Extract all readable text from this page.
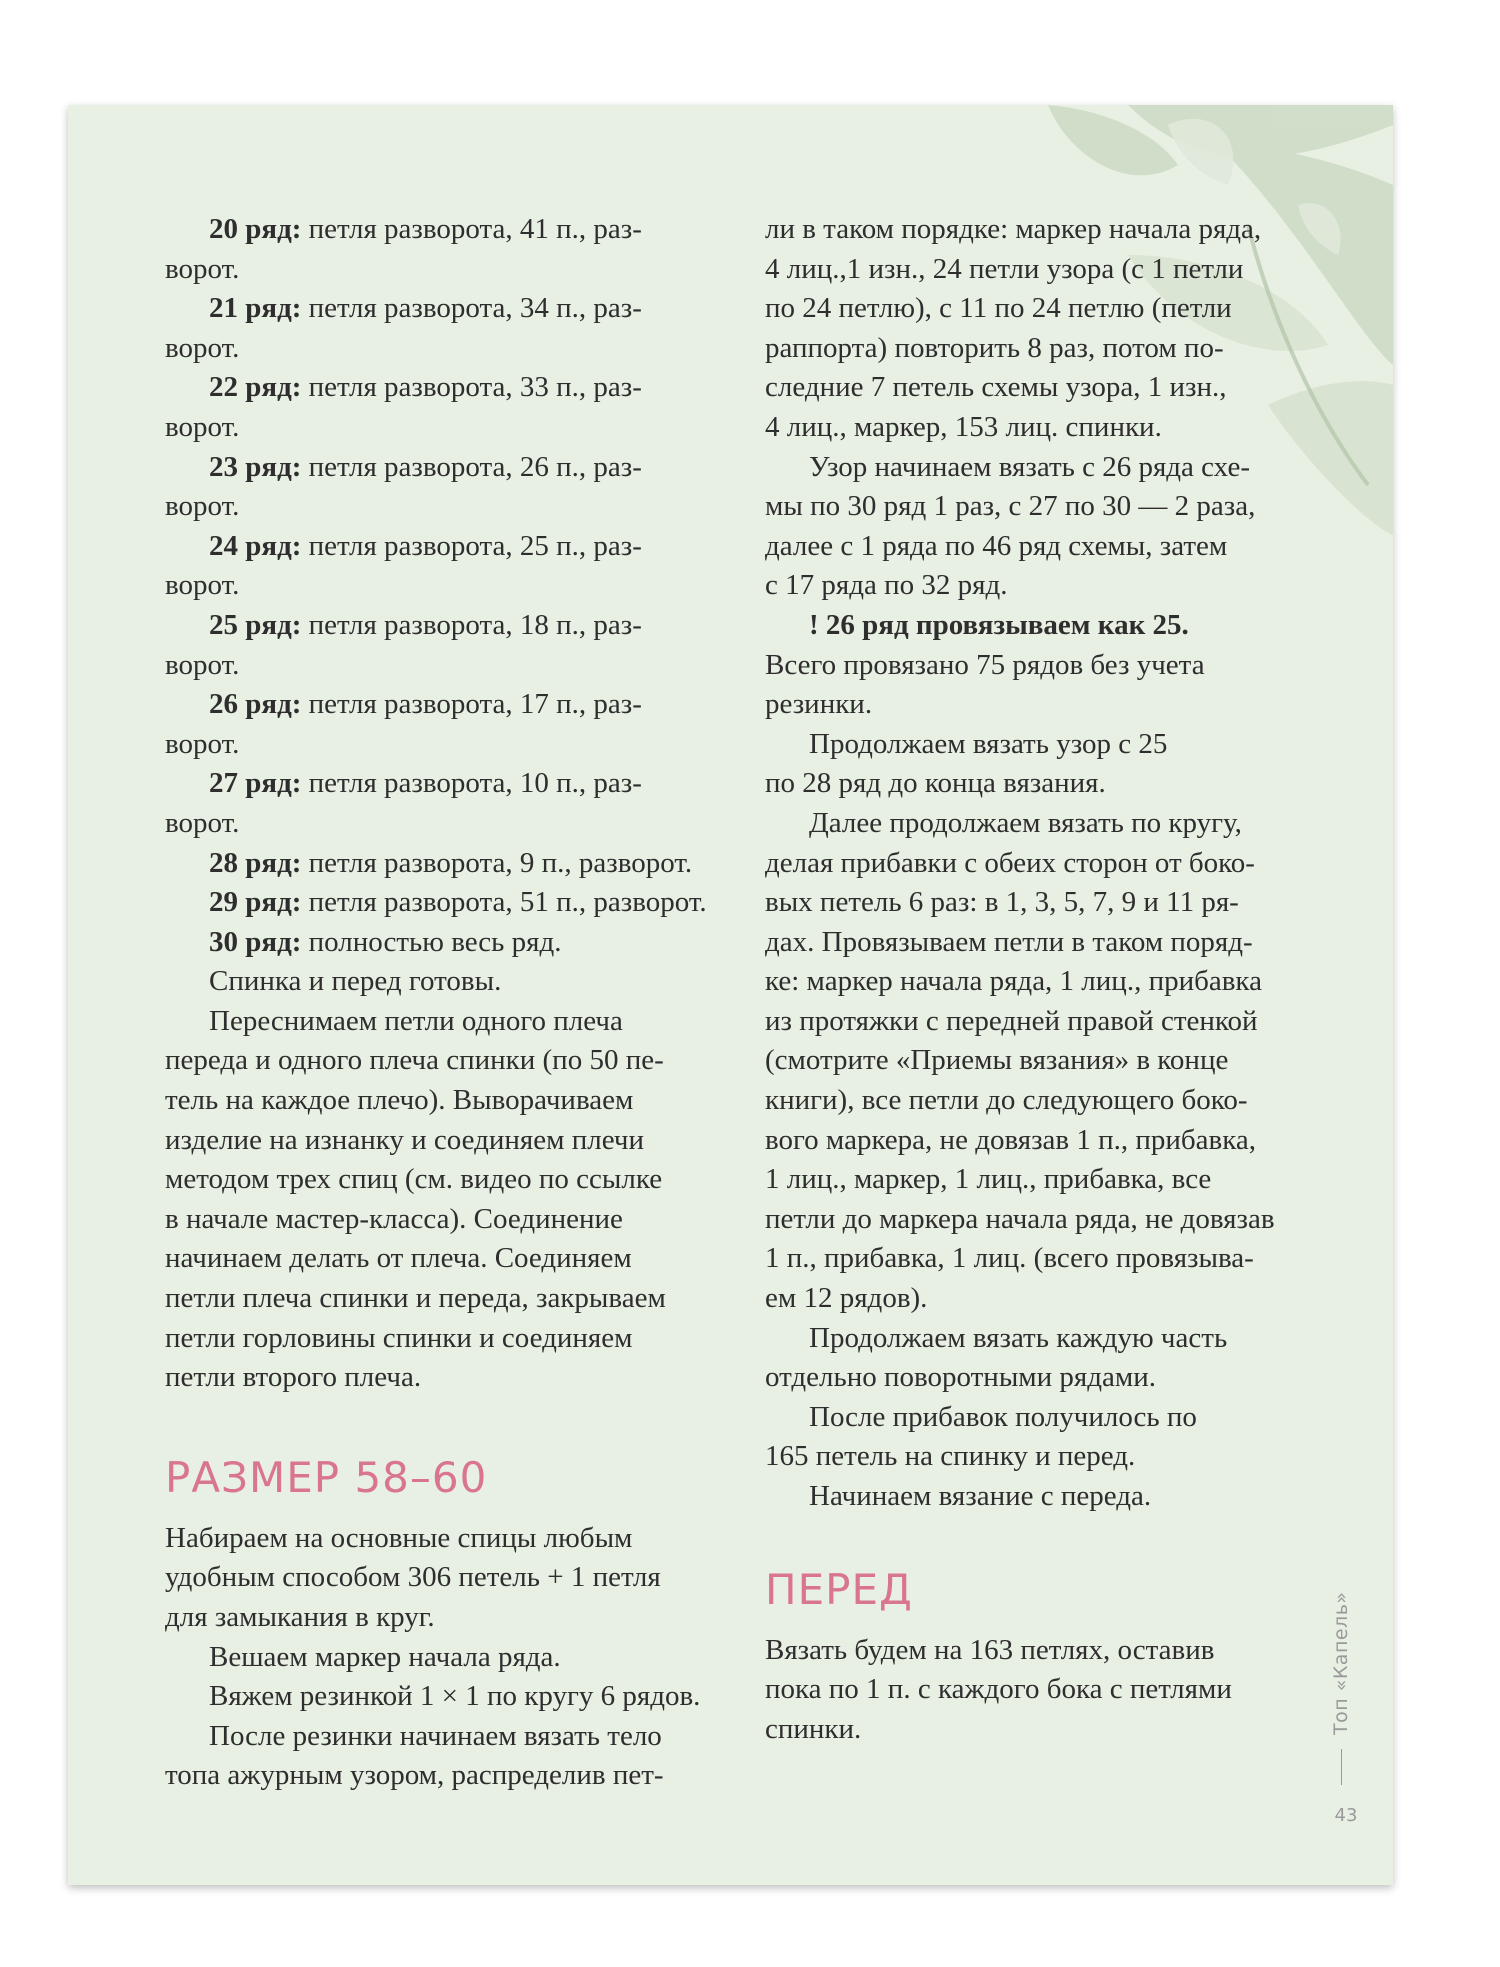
20 ряд: петля разворота, 41 п., раз-

ворот.

21 ряд: петля разворота, 34 п., раз-

ворот.

22 ряд: петля разворота, 33 п., раз-

ворот.

23 ряд: петля разворота, 26 п., раз-

ворот.

24 ряд: петля разворота, 25 п., раз-

ворот.

25 ряд: петля разворота, 18 п., раз-

ворот.

26 ряд: петля разворота, 17 п., раз-

ворот.

27 ряд: петля разворота, 10 п., раз-

ворот.

28 ряд: петля разворота, 9 п., разворот.

29 ряд: петля разворота, 51 п., разворот.

30 ряд: полностью весь ряд.

Спинка и перед готовы.

Переснимаем петли одного плеча

переда и одного плеча спинки (по 50 пе-

тель на каждое плечо). Выворачиваем

изделие на изнанку и соединяем плечи

методом трех спиц (см. видео по ссылке

в начале мастер-класса). Соединение

начинаем делать от плеча. Соединяем

петли плеча спинки и переда, закрываем

петли горловины спинки и соединяем

петли второго плеча.

РАЗМЕР 58–60

Набираем на основные спицы любым

удобным способом 306 петель + 1 петля

для замыкания в круг.

Вешаем маркер начала ряда.

Вяжем резинкой 1 × 1 по кругу 6 рядов.

После резинки начинаем вязать тело

топа ажурным узором, распределив пет-

ли в таком порядке: маркер начала ряда,

4 лиц.,1 изн., 24 петли узора (с 1 петли

по 24 петлю), с 11 по 24 петлю (петли

раппорта) повторить 8 раз, потом по-

следние 7 петель схемы узора, 1 изн.,

4 лиц., маркер, 153 лиц. спинки.

Узор начинаем вязать с 26 ряда схе-

мы по 30 ряд 1 раз, с 27 по 30 — 2 раза,

далее с 1 ряда по 46 ряд схемы, затем

с 17 ряда по 32 ряд.

! 26 ряд провязываем как 25.

Всего провязано 75 рядов без учета

резинки.

Продолжаем вязать узор с 25

по 28 ряд до конца вязания.

Далее продолжаем вязать по кругу,

делая прибавки с обеих сторон от боко-

вых петель 6 раз: в 1, 3, 5, 7, 9 и 11 ря-

дах. Провязываем петли в таком поряд-

ке: маркер начала ряда, 1 лиц., прибавка

из протяжки с передней правой стенкой

(смотрите «Приемы вязания» в конце

книги), все петли до следующего боко-

вого маркера, не довязав 1 п., прибавка,

1 лиц., маркер, 1 лиц., прибавка, все

петли до маркера начала ряда, не довязав

1 п., прибавка, 1 лиц. (всего провязыва-

ем 12 рядов).

Продолжаем вязать каждую часть

отдельно поворотными рядами.

После прибавок получилось по

165 петель на спинку и перед.

Начинаем вязание с переда.

ПЕРЕД

Вязать будем на 163 петлях, оставив

пока по 1 п. с каждого бока с петлями

спинки.	Топ «Капель»
43
